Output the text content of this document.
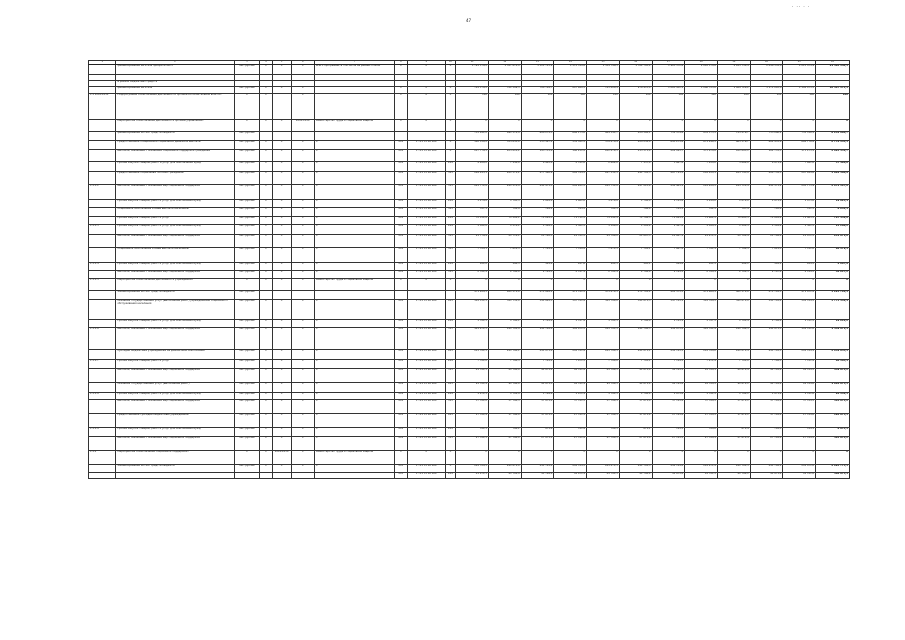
47
· ·· · ·
1	2	3	4	5	6	7	8	9	10	11	12	13	14	15	16	17	18	19	20	21	22
	финансирование на этапе приоритетного	тыс. рублей	X	X	X	Всего программы, в том числе на разных этапах	X	X	X	1 791 378,2	1 327 872,0	1 321 715,9	1 572 319,8	1 534 796,3	1 762 785,2	1 903 372,8	2 018 574,8	2 183 750,4	2 046 334,8	2 015 474,9	21 484 136,3

	в рамках бюджетных средств																				
	финансирование на этапе	тыс. рублей	X	X	X		X	X	X	781 378,2	782 389,5	780 789,7	807 988,3	783 000,4	976 970,0	1 065 432,1	1 066 725,0	1 089 726,2	1 171 083,0	1 108 075,3	10 487 173,5
1.1 2018-2030	Подпрограмма «Обеспечение деятельности органов исполнительной власти»	X	X		X		X	X	X	100	100	100	100	100	100	100	100	100	100	100	100
	Мероприятие «Обеспечение деятельности органов управления»	X	X	X	2018-2030	Министерство труда и социальной защиты	X	X	X	X	X	X	X	X	X	X	X	X	X	X	X
	финансирование за счет средств бюджета	тыс. рублей								733 841,0	691 372,4	688 274,3	684 175,0	804 341,7	834 564,1	751 574,8	851 573,5	723 276,7	733 086,2	735 766,1	8 232 906,7
	Предоставление специальной социальной денежной выплаты	тыс. рублей	X	X	X	X	001	1 711 35 00 000	X	582 350,2	553 653,0	553 167,1	551 521,5	578 870,9	654 234,8	643 271,8	671 246,3	663 376,7	662 976,8	664 776,4	6 778 144,5
	Выплаты, связанные с оказанием социальной поддержки гражданам	тыс. рублей	X	X	X	X	001	1 711 35 00 000	X	207 778,3	203 811,2	195 751,6	198 231,2	202 874,3	213 371,9	202 163,7	173 674,8	161 883,1	162 731,3	173 273,1	2 095 551,7
	Прочие закупки товаров, работ и услуг для обеспечения нужд	тыс. рублей	X	X	X	X	001	1 711 35 00 000	244	4 480,0	7 154,0	4 985,0	2 781,0	2 862,0	7 137,0	3 887,0	7 834,0	3 864,0	4 871,0	7 641,0	57 496,0
	Предоставление социальных пособий гражданам	тыс. рублей	X	X	X	X	001	1 711 35 00 000	321	284 443,1	281 371,2	277 168,9	281 784,5	287 351,3	291 781,3	287 711,3	281 854,1	283 743,8	284 754,3	287 614,8	3 081 586,9
1.1.1.2	Выплаты, связанные с оказанием мер социальной поддержки	тыс. рублей	X	X	X	X	001	1 711 35 00 000	313	241 771,8	241 574,4	241 971,3	241 281,3	243 711,8	247 213,9	241 481,1	241 654,3	245 711,4	241 171,2	243 773,9	2 672 197,8
	Прочая закупка товаров, работ и услуг для обеспечения нужд	тыс. рублей	X	X	X	X	001	1 711 35 00 000	244	1 474,8	1 785,5	1 804,0	1 881,0	1 874,8	1 784,0	1 785,0	1 814,0	1 874,0	1 871,0	1 875,0	19 823,1
	Социальное обеспечение и иные выплаты населению	тыс. рублей	X	X	X	X	001	1 711 35 00 000	321	787,1	791,4	784,1	785,3	781,3	784,0	781,3	782,3	787,4	785,0	781,3	8 641,5
	Прочая закупка товаров, работ и услуг	тыс. рублей	X	X	X	X	001	1 711 35 00 000	244	72 351,8	71 581,1	71 261,3	71 751,3	71 391,4	71 794,3	71 811,3	71 862,3	71 883,3	71 881,4	71 883,3	787 452,8
1.1.1.3	Прочая закупка товаров, работ и услуг для обеспечения нужд	тыс. рублей	X	X	X	X	001	1 711 35 00 000	244	1 381,0	1 374,1	1 384,3	1 381,3	1 384,0	1 381,4	1 387,0	1 384,1	1 381,3	1 381,4	1 381,3	15 200,2
	Выплаты, связанные с оказанием мер социальной поддержки	тыс. рублей	X	X	X	X	001	1 711 35 00 000	313	21 778,4	21 778,1	21 748,3	21 781,3	21 784,0	21 887,3	21 847,1	21 871,3	21 781,4	21 784,0	21 871,3	241 871,0
	Социальное обеспечение и иные выплаты населению	тыс. рублей	X	X	X	X	001	1 711 35 00 000	321	7 784,1	7 811,3	7 781,0	7 788,4	7 871,3	7 781,1	7 887,4	7 781,1	7 784,3	7 811,3	7 781,0	86 179,5
1.1.1.4	Прочая закупка товаров, работ и услуг для обеспечения нужд	тыс. рублей	X	X	X	X	001	1 711 35 00 000	244	181,0	184,3	181,4	187,0	181,3	183,1	184,0	181,3	184,1	181,1	184,3	2 007,9
	Выплаты, связанные с оказанием мер социальной поддержки	тыс. рублей	X	X	X	X	001	1 711 35 00 000	313	2 781,4	2 784,0	2 781,3	2 787,1	2 781,4	2 784,0	2 781,3	2 784,1	2 781,3	2 787,0	2 784,3	30 617,2
1.1.1.5	Мероприятие «Обеспечение деятельности учреждений»	X	X	X	X	Министерство труда и социальной защиты	X	X	X	X	X	X	X	X	X	X	X	X	X	X	X
	Финансирование за счет средств бюджета	тыс. рублей								471 284,3	481 571,0	471 884,1	471 781,3	471 874,3	471 781,4	481 571,3	471 884,1	481 571,0	471 781,3	471 871,4	5 224 761,5
	Оказание государственных услуг (выполнение работ) учреждениями социального обслуживания населения	тыс. рублей	X	X	X	X	001	1 711 35 00 000	611	344 331,3	341 751,0	341 861,3	347 781,4	341 784,0	341 871,3	347 741,1	341 784,3	341 871,0	341 781,4	341 784,3	3 773 342,4
	Прочая закупка товаров, работ и услуг для обеспечения нужд	тыс. рублей	X	X	X	X	001	1 711 35 00 000	244	1 781,3	1 784,1	1 781,0	1 787,4	1 781,3	1 784,0	1 781,1	1 787,3	1 781,4	1 784,0	1 781,3	19 612,2
1.1.1.6	Выплаты, связанные с оказанием мер социальной поддержки	тыс. рублей	X	X	X	X	001	1 711 35 00 000	313	141 871,3	141 781,4	141 784,0	141 871,3	141 781,1	141 784,3	141 871,0	141 781,4	141 784,3	141 871,3	141 781,0	1 559 971,4
	Субсидии бюджетным учреждениям на финансовое обеспечение	тыс. рублей	X	X	X	X	001	1 711 35 00 000	611	241 781,3	241 784,1	241 871,0	241 781,4	241 784,3	241 871,1	241 781,3	241 784,0	241 871,4	241 781,3	241 784,1	2 659 855,3
1.1.1.7	Прочая закупка товаров, работ и услуг	тыс. рублей	X	X	X	X	001	1 711 35 00 000	244	7 781,0	7 784,3	7 781,4	7 871,3	7 784,0	7 781,1	7 784,3	7 871,4	7 781,0	7 784,3	7 781,4	86 185,5
	Выплаты, связанные с оказанием мер социальной поддержки	тыс. рублей	X	X	X	X	001	1 711 35 00 000	313	41 781,3	41 784,0	41 871,1	41 781,4	41 784,3	41 871,0	41 781,3	41 784,1	41 871,4	41 781,0	41 784,3	459 874,2
	Оказание государственных услуг (выполнение работ)	тыс. рублей	X	X	X	X	001	1 711 35 00 000	611	91 781,4	91 784,0	91 871,3	91 781,1	91 784,3	91 871,4	91 781,0	91 784,3	91 871,1	91 781,4	91 784,0	1 010 875,3
1.1.1.8	Прочая закупка товаров, работ и услуг для обеспечения нужд	тыс. рублей	X	X	X	X	001	1 711 35 00 000	244	1 871,3	1 781,4	1 784,0	1 871,1	1 781,3	1 784,4	1 871,0	1 781,3	1 784,1	1 871,4	1 781,0	20 142,3
	Выплаты, связанные с оказанием мер социальной поддержки	тыс. рублей	X	X	X	X	001	1 711 35 00 000	313	37 781,0	37 784,3	37 871,4	37 781,3	37 784,1	37 871,0	37 781,4	37 784,3	37 871,1	37 781,0	37 784,3	416 874,2
	Предоставление субсидий бюджетным учреждениям	тыс. рублей	X	X	X	X	001	1 711 35 00 000	611	17 781,4	17 784,0	17 871,3	17 781,1	17 784,3	17 871,4	17 781,0	17 784,3	17 871,1	17 781,4	17 784,0	196 875,3
1.1.1.9	Прочая закупка товаров, работ и услуг для обеспечения нужд	тыс. рублей	X	X	X	X	001	1 711 35 00 000	244	781,3	784,1	871,0	781,4	784,3	871,1	781,3	784,0	871,4	781,3	784,1	8 874,3
	Выплаты, связанные с оказанием мер социальной поддержки	тыс. рублей	X	X	X	X	001	1 711 35 00 000	313	27 781,3	27 784,0	27 871,1	27 781,4	27 784,3	27 871,0	27 781,3	27 784,1	27 871,4	27 781,0	27 784,3	305 874,2
1.1.2	Мероприятие «Обеспечение социальной поддержки»	X	X	2018-2030	X	Министерство труда и социальной защиты	X	X	X	X	X	X	X	X	X	X	X	X	X	X	X
	Финансирование за счет средств бюджета	тыс. рублей	X	X	X	X	003	1 711 35 00 000	X	281 784,3	241 871,0	241 781,4	241 784,3	241 871,1	241 781,3	241 784,0	241 871,4	241 781,3	241 784,1	241 871,0	2 694 773,5
							003	1 711 35 00 000	244	41 871,3	41 781,4	41 784,0	41 871,1	41 781,3	41 784,4	41 871,0	41 781,3	41 784,1	41 871,4	41 781,0	460 873,4
